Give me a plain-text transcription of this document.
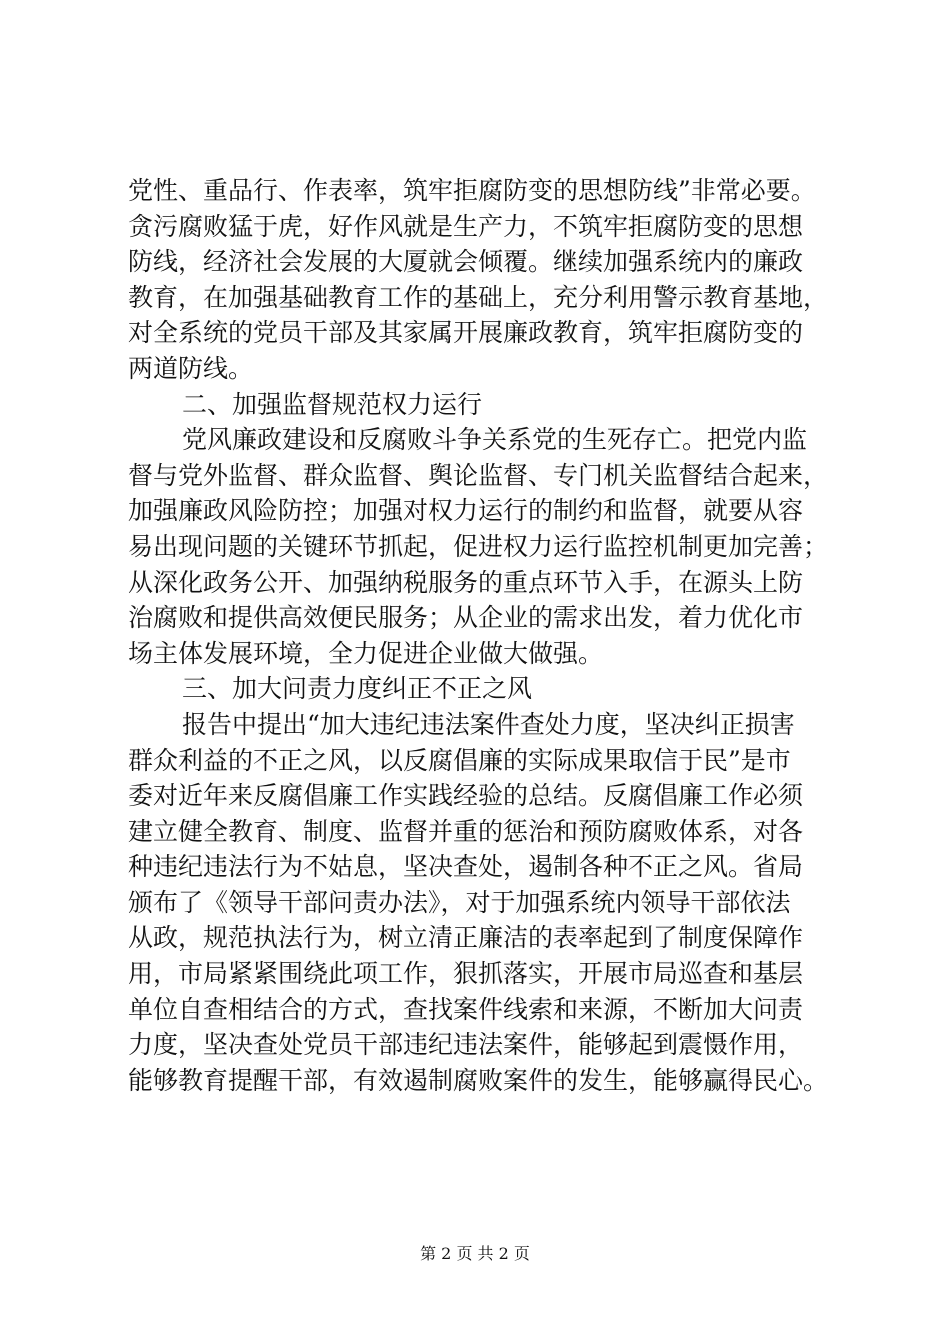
党性、重品行、作表率，筑牢拒腐防变的思想防线”非常必要。
贪污腐败猛于虎，好作风就是生产力，不筑牢拒腐防变的思想
防线，经济社会发展的大厦就会倾覆。继续加强系统内的廉政
教育，在加强基础教育工作的基础上，充分利用警示教育基地，
对全系统的党员干部及其家属开展廉政教育，筑牢拒腐防变的
两道防线。
二、加强监督规范权力运行
党风廉政建设和反腐败斗争关系党的生死存亡。把党内监
督与党外监督、群众监督、舆论监督、专门机关监督结合起来，
加强廉政风险防控；加强对权力运行的制约和监督，就要从容
易出现问题的关键环节抓起，促进权力运行监控机制更加完善；
从深化政务公开、加强纳税服务的重点环节入手，在源头上防
治腐败和提供高效便民服务；从企业的需求出发，着力优化市
场主体发展环境，全力促进企业做大做强。
三、加大问责力度纠正不正之风
报告中提出“加大违纪违法案件查处力度，坚决纠正损害
群众利益的不正之风，以反腐倡廉的实际成果取信于民”是市
委对近年来反腐倡廉工作实践经验的总结。反腐倡廉工作必须
建立健全教育、制度、监督并重的惩治和预防腐败体系，对各
种违纪违法行为不姑息，坚决查处，遏制各种不正之风。省局
颁布了《领导干部问责办法》，对于加强系统内领导干部依法
从政，规范执法行为，树立清正廉洁的表率起到了制度保障作
用，市局紧紧围绕此项工作，狠抓落实，开展市局巡查和基层
单位自查相结合的方式，查找案件线索和来源，不断加大问责
力度，坚决查处党员干部违纪违法案件，能够起到震慑作用，
能够教育提醒干部，有效遏制腐败案件的发生，能够赢得民心。
第 2 页 共 2 页
